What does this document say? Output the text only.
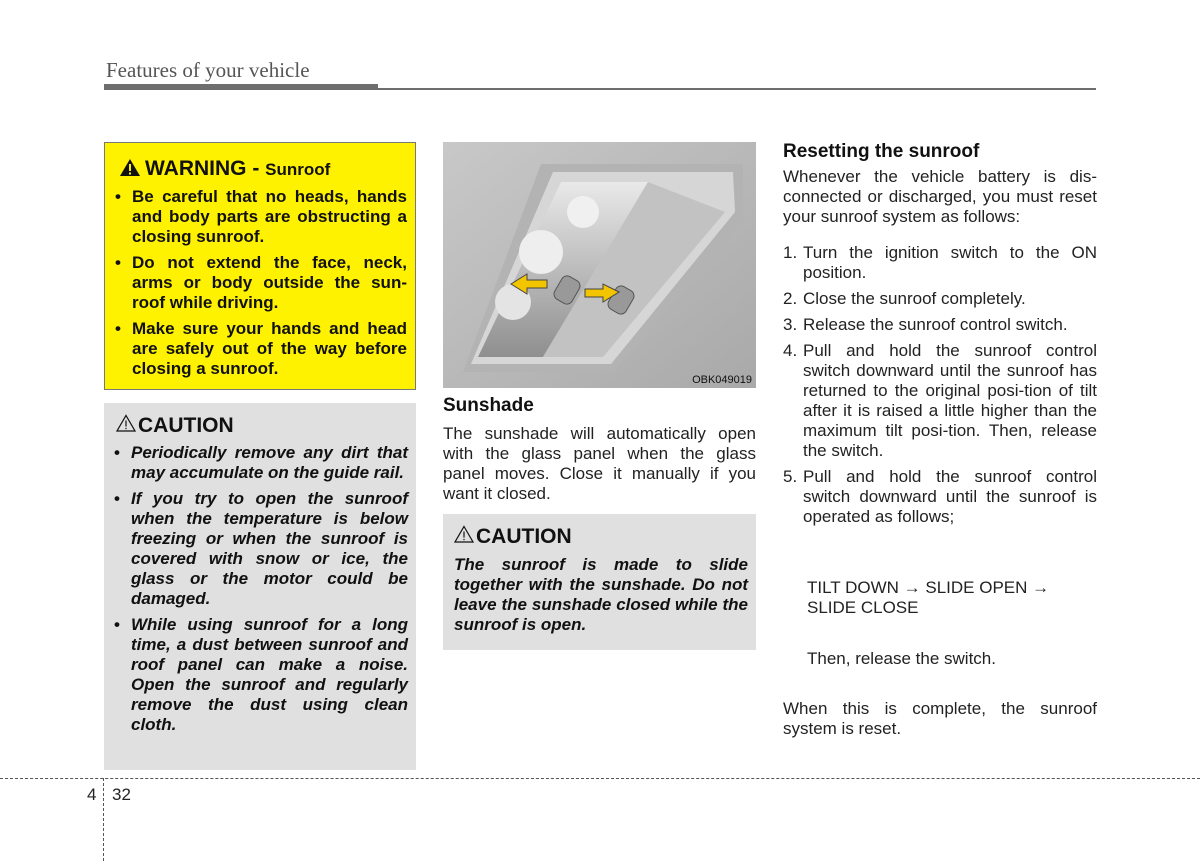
Features of your vehicle
WARNING - Sunroof
• Be careful that no heads, hands and body parts are obstructing a closing sunroof.
• Do not extend the face, neck, arms or body outside the sun-roof while driving.
• Make sure your hands and head are safely out of the way before closing a sunroof.
CAUTION
• Periodically remove any dirt that may accumulate on the guide rail.
• If you try to open the sunroof when the temperature is below freezing or when the sunroof is covered with snow or ice, the glass or the motor could be damaged.
• While using sunroof for a long time, a dust between sunroof and roof panel can make a noise. Open the sunroof and regularly remove the dust using clean cloth.
OBK049019
Sunshade
The sunshade will automatically open with the glass panel when the glass panel moves. Close it manually if you want it closed.
CAUTION
The sunroof is made to slide together with the sunshade. Do not leave the sunshade closed while the sunroof is open.
Resetting the sunroof
Whenever the vehicle battery is dis-connected or discharged, you must reset your sunroof system as follows:
1. Turn the ignition switch to the ON position.
2. Close the sunroof completely.
3. Release the sunroof control switch.
4. Pull and hold the sunroof control switch downward until the sunroof has returned to the original posi-tion of tilt after it is raised a little higher than the maximum tilt posi-tion. Then, release the switch.
5. Pull and hold the sunroof control switch downward until the sunroof is operated as follows;
TILT DOWN → SLIDE OPEN →
SLIDE CLOSE
Then, release the switch.
When this is complete, the sunroof system is reset.
4 32
